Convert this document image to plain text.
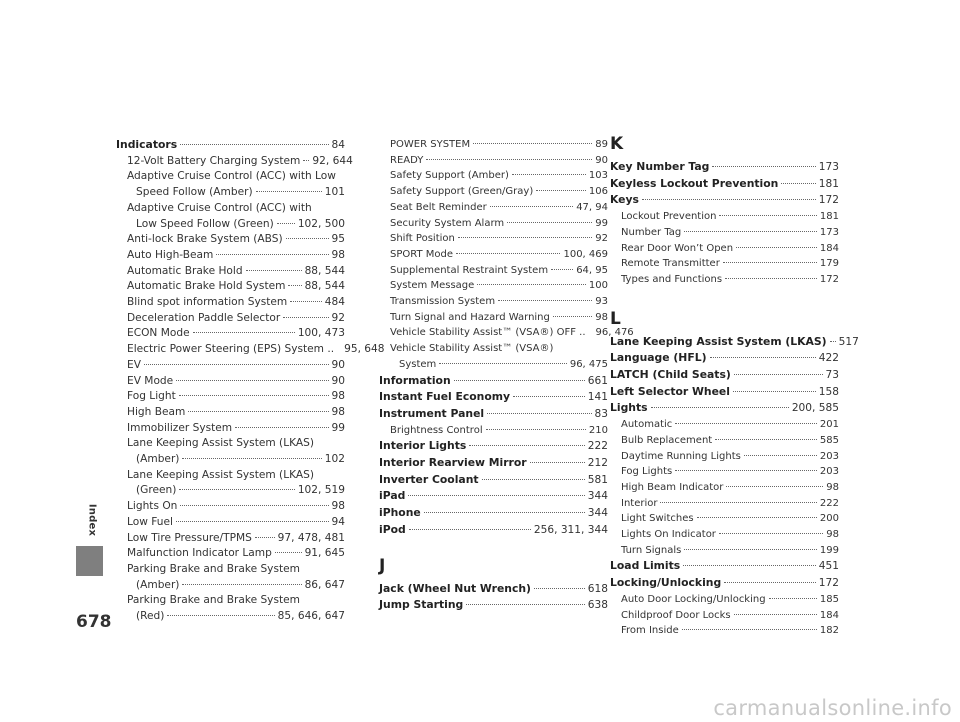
Index
678
Indicators	84
12-Volt Battery Charging System 92, 644
Adaptive Cruise Control (ACC) with Low
Speed Follow (Amber)	101
Adaptive Cruise Control (ACC) with
Low Speed Follow (Green) 102, 500
Anti-lock Brake System (ABS)	95
Auto High-Beam	98
Automatic Brake Hold	88, 544
Automatic Brake Hold System 88, 544
Blind spot information System	484
Deceleration Paddle Selector	92
ECON Mode	100, 473
Electric Power Steering (EPS) System .. 95, 648
EV	90
EV Mode	90
Fog Light	98
High Beam	98
Immobilizer System	99
Lane Keeping Assist System (LKAS)
(Amber)	102
Lane Keeping Assist System (LKAS)
(Green)	102, 519
Lights On	98
Low Fuel	94
Low Tire Pressure/TPMS 97, 478, 481
Malfunction Indicator Lamp	91, 645
Parking Brake and Brake System
(Amber)	86, 647
Parking Brake and Brake System
(Red)	85, 646, 647
POWER SYSTEM	89
READY	90
Safety Support (Amber)	103
Safety Support (Green/Gray)	106
Seat Belt Reminder	47, 94
Security System Alarm	99
Shift Position	92
SPORT Mode	100, 469
Supplemental Restraint System	64, 95
System Message	100
Transmission System	93
Turn Signal and Hazard Warning	98
Vehicle Stability Assist™ (VSA®) OFF .. 96, 476
Vehicle Stability Assist™ (VSA®)
System	96, 475
Information	661
Instant Fuel Economy	141
Instrument Panel	83
Brightness Control	210
Interior Lights	222
Interior Rearview Mirror	212
Inverter Coolant	581
iPad	344
iPhone	344
iPod	256, 311, 344
J
Jack (Wheel Nut Wrench)	618
Jump Starting	638
K
Key Number Tag	173
Keyless Lockout Prevention	181
Keys	172
Lockout Prevention	181
Number Tag	173
Rear Door Won’t Open	184
Remote Transmitter	179
Types and Functions	172
L
Lane Keeping Assist System (LKAS) 517
Language (HFL)	422
LATCH (Child Seats)	73
Left Selector Wheel	158
Lights	200, 585
Automatic	201
Bulb Replacement	585
Daytime Running Lights	203
Fog Lights	203
High Beam Indicator	98
Interior	222
Light Switches	200
Lights On Indicator	98
Turn Signals	199
Load Limits	451
Locking/Unlocking	172
Auto Door Locking/Unlocking	185
Childproof Door Locks	184
From Inside	182
carmanualsonline.info
